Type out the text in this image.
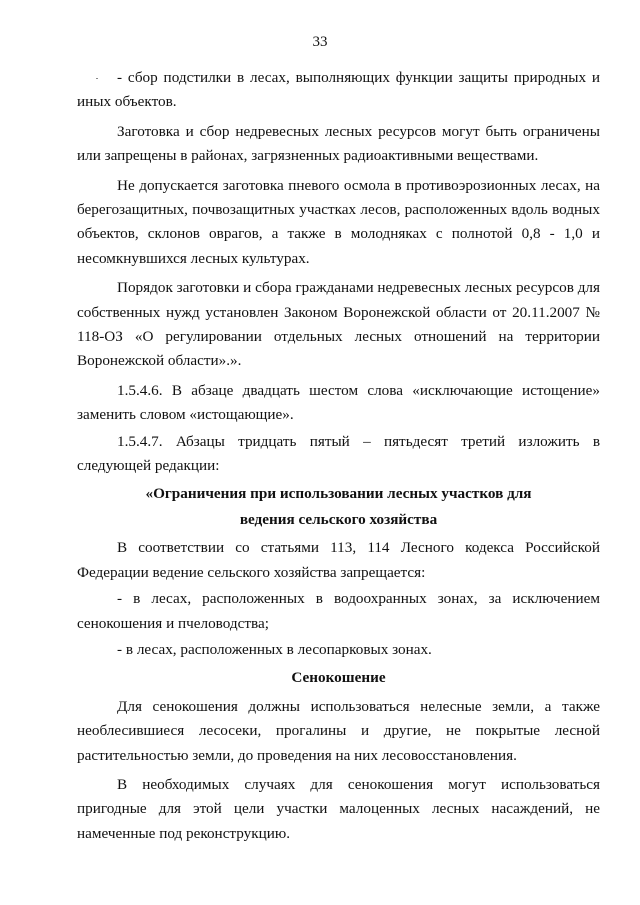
33

- сбор подстилки в лесах, выполняющих функции защиты природных и иных объектов.

Заготовка и сбор недревесных лесных ресурсов могут быть ограничены или запрещены в районах, загрязненных радиоактивными веществами.

Не допускается заготовка пневого осмола в противоэрозионных лесах, на берегозащитных, почвозащитных участках лесов, расположенных вдоль водных объектов, склонов оврагов, а также в молодняках с полнотой 0,8 - 1,0 и несомкнувшихся лесных культурах.

Порядок заготовки и сбора гражданами недревесных лесных ресурсов для собственных нужд установлен Законом Воронежской области от 20.11.2007 № 118-ОЗ «О регулировании отдельных лесных отношений на территории Воронежской области».».

1.5.4.6. В абзаце двадцать шестом слова «исключающие истощение» заменить словом «истощающие».

1.5.4.7. Абзацы тридцать пятый – пятьдесят третий изложить в следующей редакции:

«Ограничения при использовании лесных участков для
ведения сельского хозяйства

В соответствии со статьями 113, 114 Лесного кодекса Российской Федерации ведение сельского хозяйства запрещается:

- в лесах, расположенных в водоохранных зонах, за исключением сенокошения и пчеловодства;

- в лесах, расположенных в лесопарковых зонах.

Сенокошение

Для сенокошения должны использоваться нелесные земли, а также необлесившиеся лесосеки, прогалины и другие, не покрытые лесной растительностью земли, до проведения на них лесовосстановления.

В необходимых случаях для сенокошения могут использоваться пригодные для этой цели участки малоценных лесных насаждений, не намеченные под реконструкцию.
